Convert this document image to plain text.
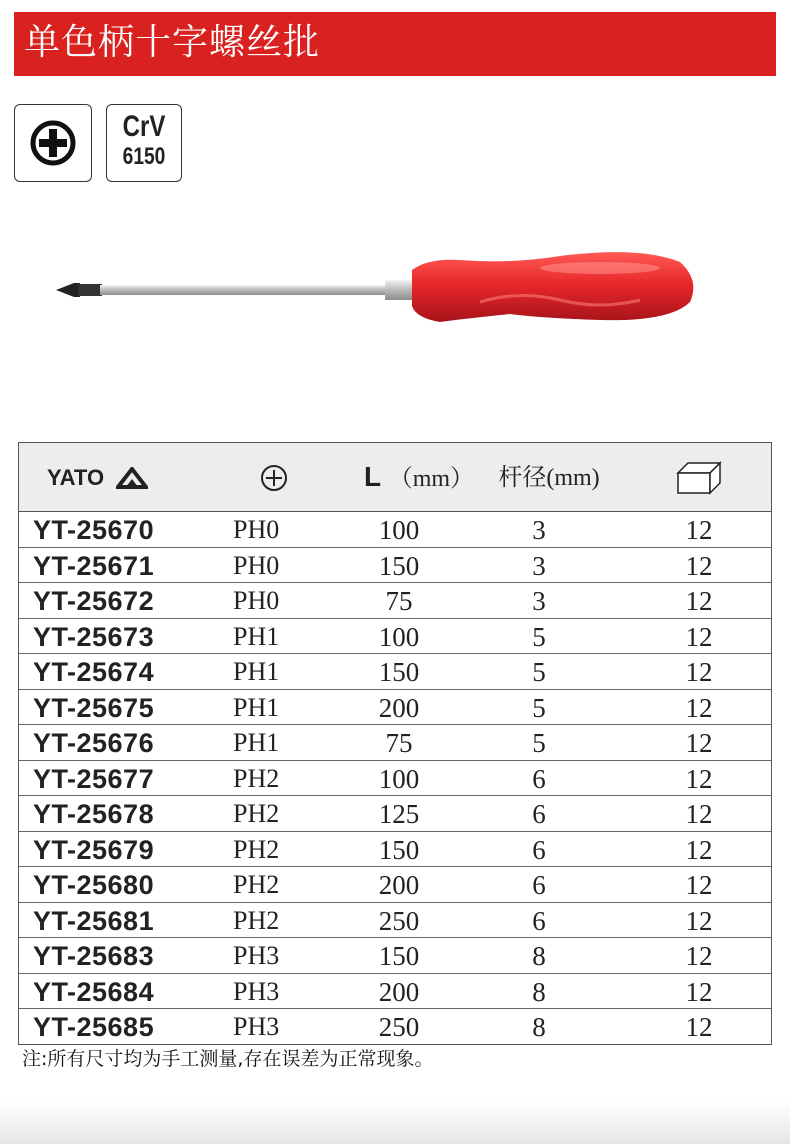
单色柄十字螺丝批
CrV
6150
YATO	L （mm）	杆径(mm)
YT-25670	PH0	100	3	12
YT-25671	PH0	150	3	12
YT-25672	PH0	75	3	12
YT-25673	PH1	100	5	12
YT-25674	PH1	150	5	12
YT-25675	PH1	200	5	12
YT-25676	PH1	75	5	12
YT-25677	PH2	100	6	12
YT-25678	PH2	125	6	12
YT-25679	PH2	150	6	12
YT-25680	PH2	200	6	12
YT-25681	PH2	250	6	12
YT-25683	PH3	150	8	12
YT-25684	PH3	200	8	12
YT-25685	PH3	250	8	12
注:所有尺寸均为手工测量,存在误差为正常现象。
